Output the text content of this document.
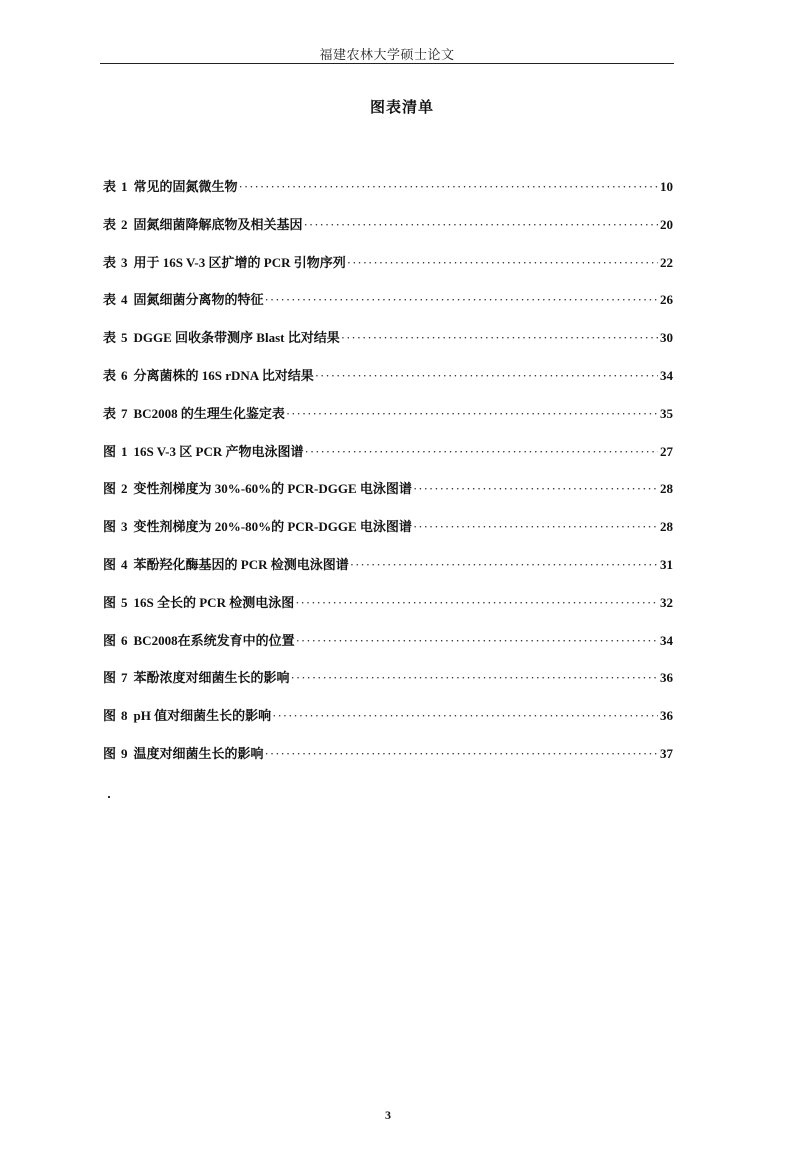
福建农林大学硕士论文
图表清单
表 1 常见的固氮微生物 ·····	10
表 2 固氮细菌降解底物及相关基因 ·····	20
表 3 用于 16S V-3 区扩增的 PCR 引物序列 ·····	22
表 4 固氮细菌分离物的特征 ·····	26
表 5 DGGE 回收条带测序 Blast 比对结果 ·····	30
表 6 分离菌株的 16S rDNA 比对结果 ·····	34
表 7 BC2008 的生理生化鉴定表 ·····	35
图 1 16S V-3 区 PCR 产物电泳图谱 ·····	27
图 2 变性剂梯度为 30%-60%的 PCR-DGGE 电泳图谱 ·····	28
图 3 变性剂梯度为 20%-80%的 PCR-DGGE 电泳图谱 ·····	28
图 4 苯酚羟化酶基因的 PCR 检测电泳图谱 ·····	31
图 5 16S 全长的 PCR 检测电泳图 ·····	32
图 6 BC2008在系统发育中的位置 ·····	34
图 7 苯酚浓度对细菌生长的影响 ·····	36
图 8 pH 值对细菌生长的影响 ·····	36
图 9 温度对细菌生长的影响 ·····	37
3
